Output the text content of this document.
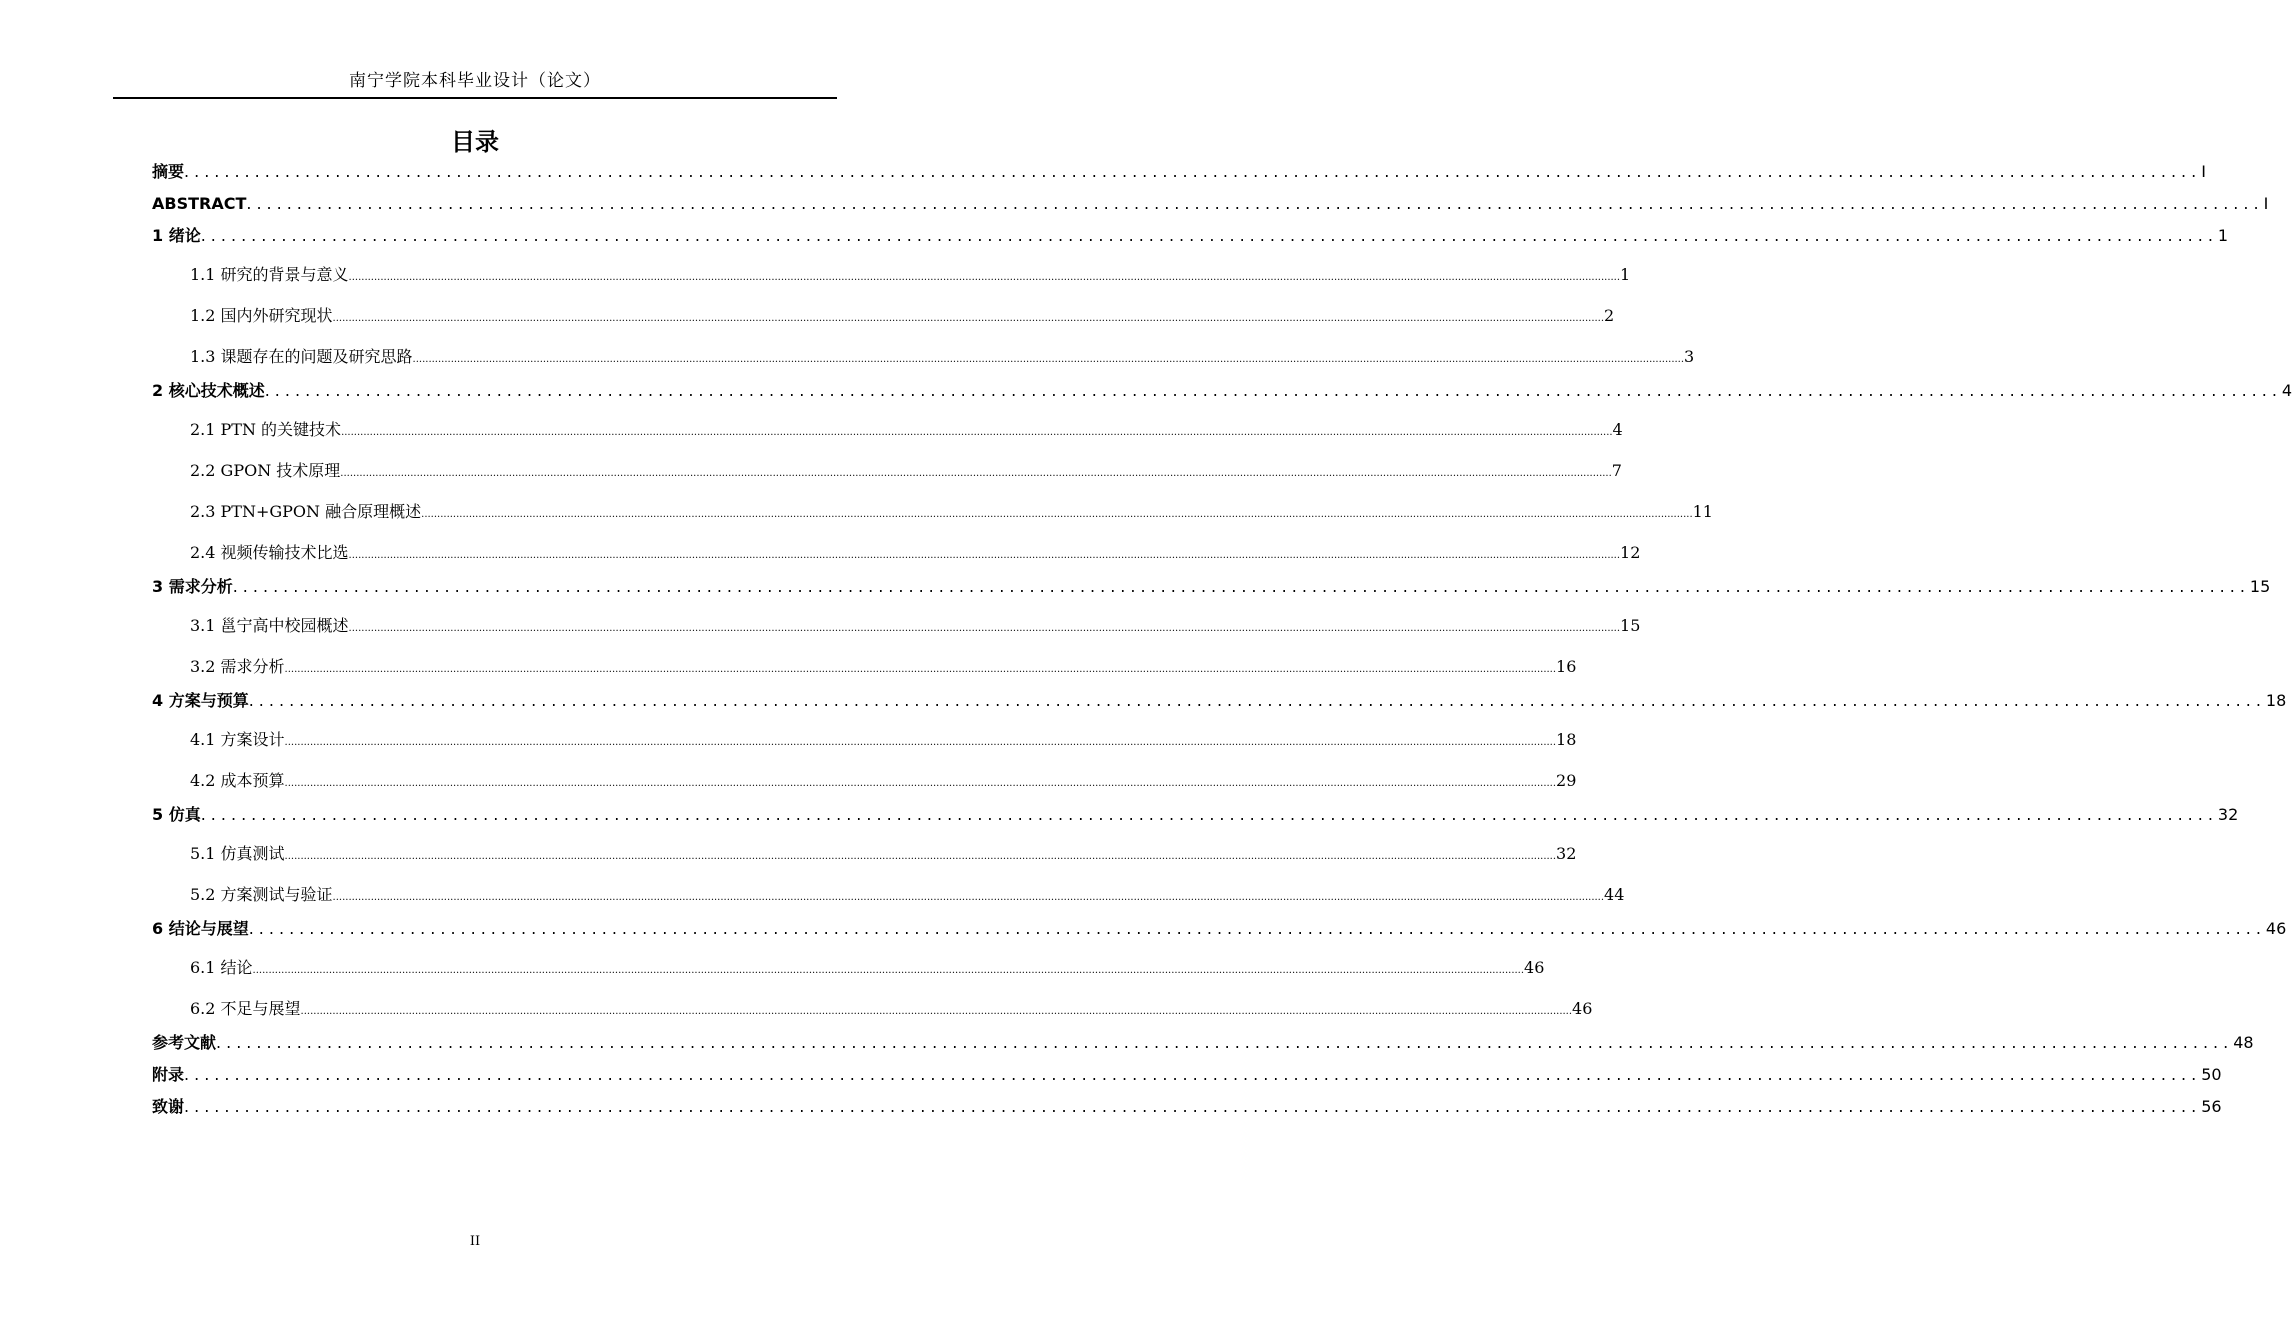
南宁学院本科毕业设计（论文）
目录
摘要 ........................................................................................................................................................................................................ I
ABSTRACT ........................................................................................................................................................................................................ I
1 绪论 ........................................................................................................................................................................................................ 1
1.1 研究的背景与意义 ................................................................................................................................................................................................................................................................................................................................................................................................................ 1
1.2 国内外研究现状 ................................................................................................................................................................................................................................................................................................................................................................................................................ 2
1.3 课题存在的问题及研究思路 ................................................................................................................................................................................................................................................................................................................................................................................................................ 3
2 核心技术概述 ........................................................................................................................................................................................................ 4
2.1 PTN 的关键技术 ................................................................................................................................................................................................................................................................................................................................................................................................................ 4
2.2 GPON 技术原理 ................................................................................................................................................................................................................................................................................................................................................................................................................ 7
2.3 PTN+GPON 融合原理概述 ................................................................................................................................................................................................................................................................................................................................................................................................................ 11
2.4 视频传输技术比选 ................................................................................................................................................................................................................................................................................................................................................................................................................ 12
3 需求分析 ........................................................................................................................................................................................................ 15
3.1 邕宁高中校园概述 ................................................................................................................................................................................................................................................................................................................................................................................................................ 15
3.2 需求分析 ................................................................................................................................................................................................................................................................................................................................................................................................................ 16
4 方案与预算 ........................................................................................................................................................................................................ 18
4.1 方案设计 ................................................................................................................................................................................................................................................................................................................................................................................................................ 18
4.2 成本预算 ................................................................................................................................................................................................................................................................................................................................................................................................................ 29
5 仿真 ........................................................................................................................................................................................................ 32
5.1 仿真测试 ................................................................................................................................................................................................................................................................................................................................................................................................................ 32
5.2 方案测试与验证 ................................................................................................................................................................................................................................................................................................................................................................................................................ 44
6 结论与展望 ........................................................................................................................................................................................................ 46
6.1 结论 ................................................................................................................................................................................................................................................................................................................................................................................................................ 46
6.2 不足与展望 ................................................................................................................................................................................................................................................................................................................................................................................................................ 46
参考文献 ........................................................................................................................................................................................................ 48
附录 ........................................................................................................................................................................................................ 50
致谢 ........................................................................................................................................................................................................ 56
II
